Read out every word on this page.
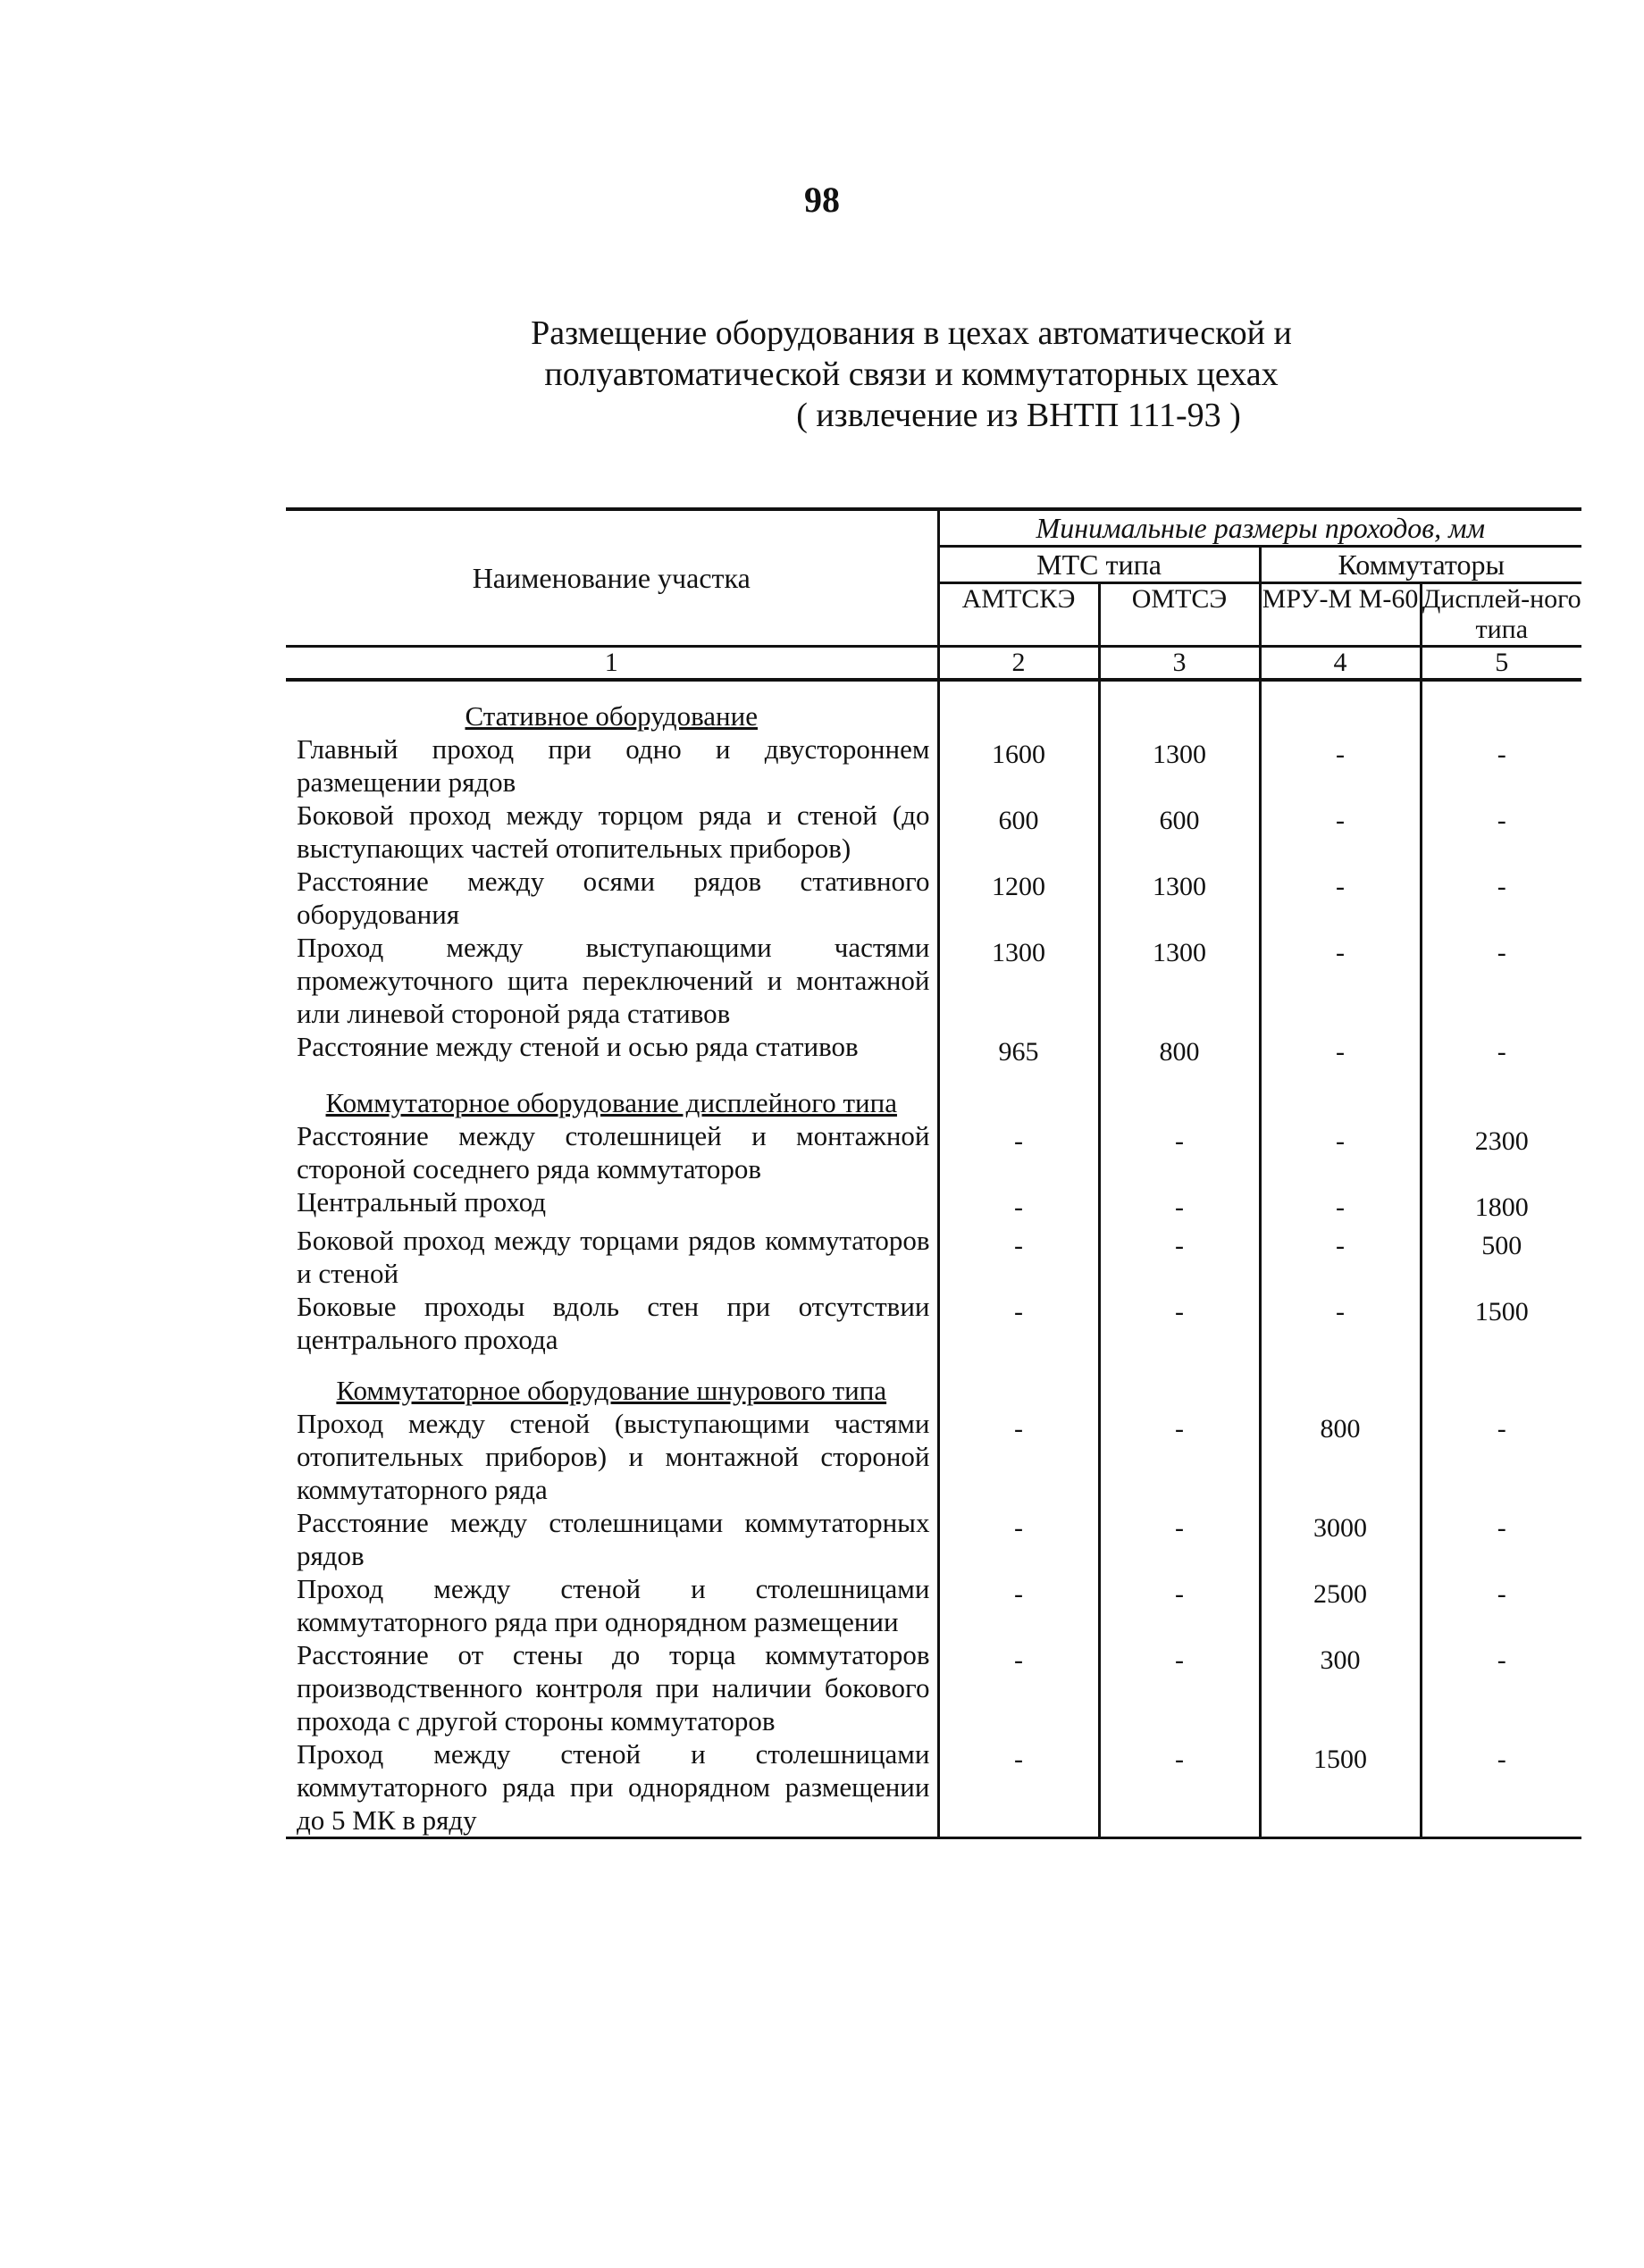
98
Размещение оборудования в цехах автоматической и
полуавтоматической связи и коммутаторных цехах

( извлечение из ВНТП 111-93 )
Наименование участка	Минимальные размеры проходов, мм			
	МТС типа		Коммутаторы	
	АМТСКЭ	ОМТСЭ	МРУ-М М-60	Дисплей-ного типа
1	2	3	4	5
Стативное оборудование				
Главный проход при одно и двустороннем размещении рядов	1600	1300	-	-
Боковой проход между торцом ряда и стеной (до выступающих частей отопительных приборов)	600	600	-	-
Расстояние между осями рядов стативного оборудования	1200	1300	-	-
Проход между выступающими частями промежуточного щита переключений и монтажной или линевой стороной ряда стативов	1300	1300	-	-
Расстояние между стеной и осью ряда стативов	965	800	-	-
Коммутаторное оборудование дисплейного типа				
Расстояние между столешницей и монтажной стороной соседнего ряда коммутаторов	-	-	-	2300
Центральный проход	-	-	-	1800
Боковой проход между торцами рядов коммутаторов и стеной	-	-	-	500
Боковые проходы вдоль стен при отсутствии центрального прохода	-	-	-	1500
Коммутаторное оборудование шнурового типа				
Проход между стеной (выступающими частями отопительных приборов) и монтажной стороной коммутаторного ряда	-	-	800	-
Расстояние между столешницами коммутаторных рядов	-	-	3000	-
Проход между стеной и столешницами коммутаторного ряда при однорядном размещении	-	-	2500	-
Расстояние от стены до торца коммутаторов производственного контроля при наличии бокового прохода с другой стороны коммутаторов	-	-	300	-
Проход между стеной и столешницами коммутаторного ряда при однорядном размещении до 5 МК в ряду	-	-	1500	-
